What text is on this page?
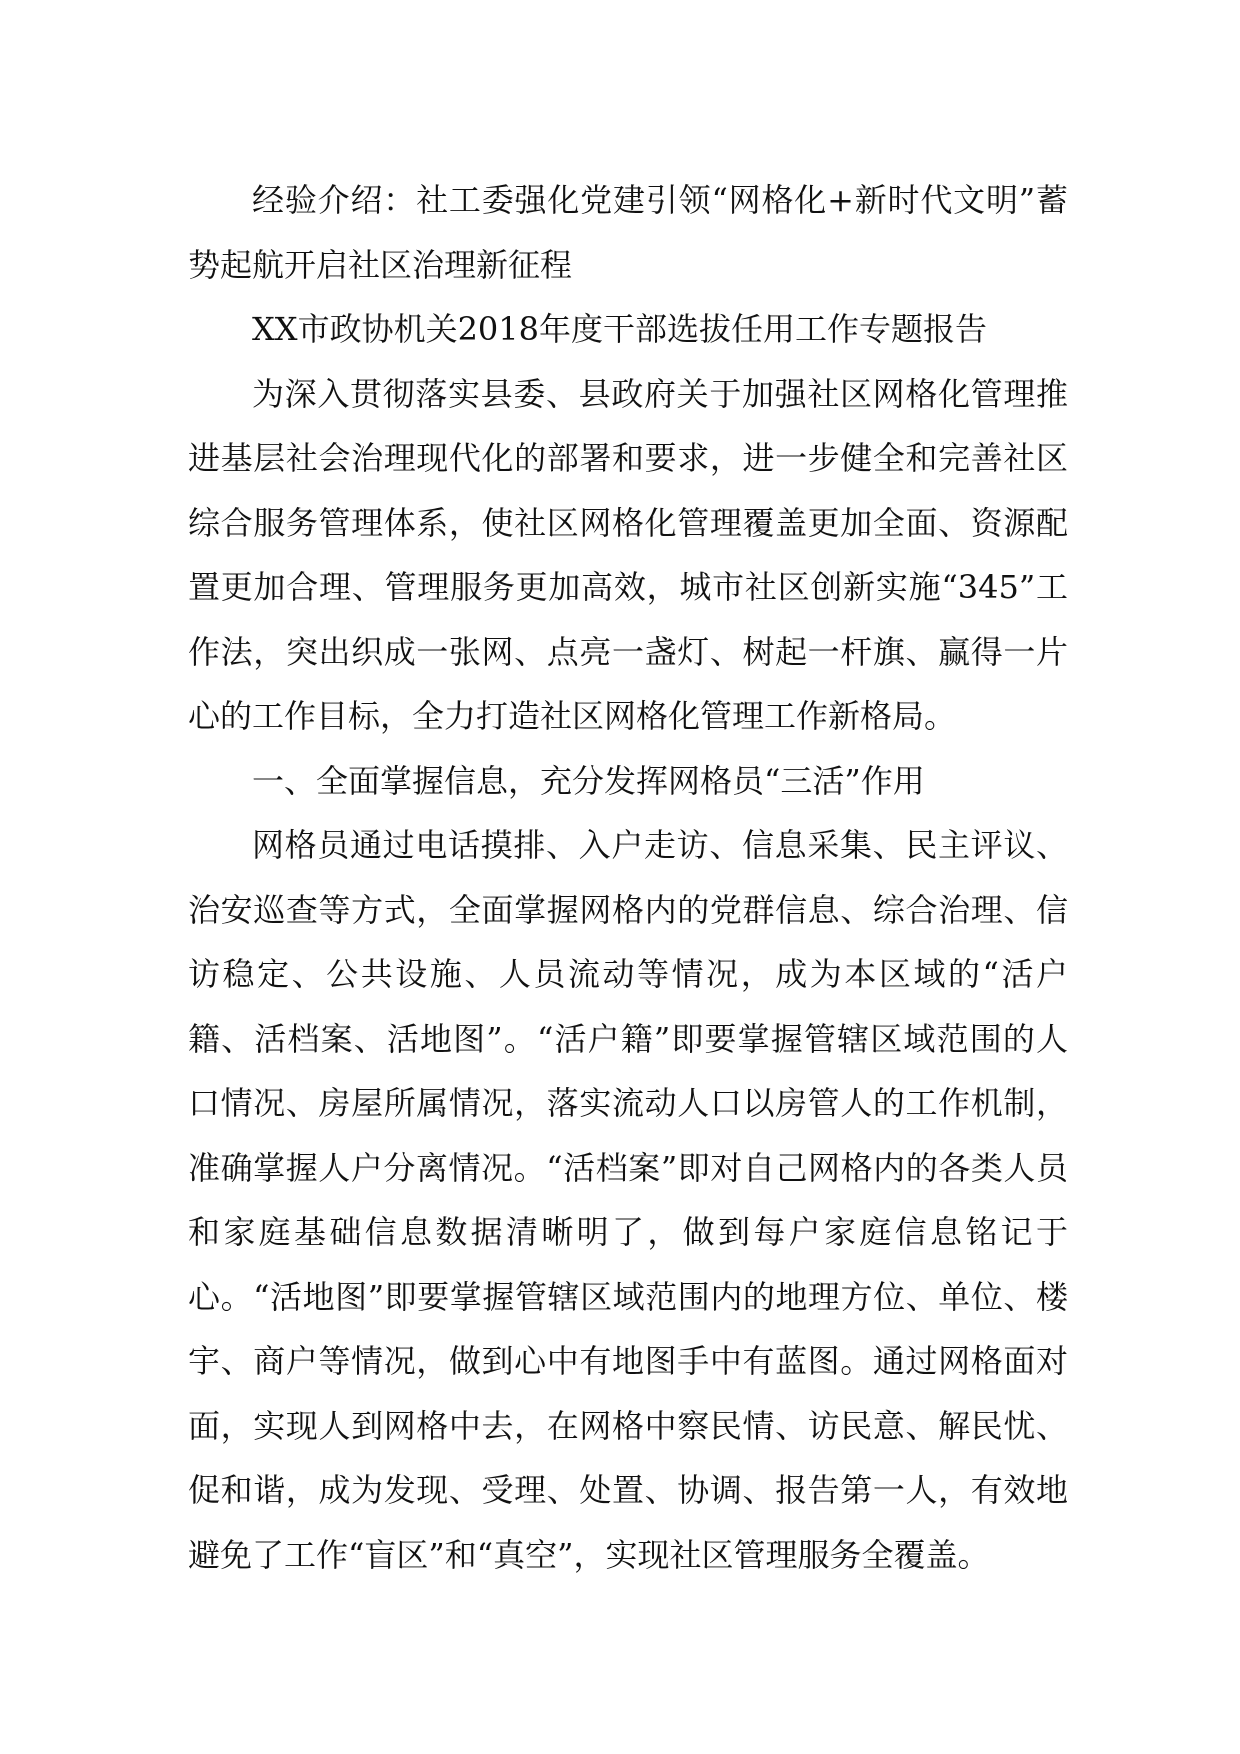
经验介绍：社工委强化党建引领“网格化+新时代文明”蓄势起航开启社区治理新征程

XX市政协机关2018年度干部选拔任用工作专题报告

为深入贯彻落实县委、县政府关于加强社区网格化管理推进基层社会治理现代化的部署和要求，进一步健全和完善社区综合服务管理体系，使社区网格化管理覆盖更加全面、资源配置更加合理、管理服务更加高效，城市社区创新实施“345”工作法，突出织成一张网、点亮一盏灯、树起一杆旗、赢得一片心的工作目标，全力打造社区网格化管理工作新格局。

一、全面掌握信息，充分发挥网格员“三活”作用

网格员通过电话摸排、入户走访、信息采集、民主评议、治安巡查等方式，全面掌握网格内的党群信息、综合治理、信访稳定、公共设施、人员流动等情况，成为本区域的“活户籍、活档案、活地图”。“活户籍”即要掌握管辖区域范围的人口情况、房屋所属情况，落实流动人口以房管人的工作机制，准确掌握人户分离情况。“活档案”即对自己网格内的各类人员和家庭基础信息数据清晰明了，做到每户家庭信息铭记于心。“活地图”即要掌握管辖区域范围内的地理方位、单位、楼宇、商户等情况，做到心中有地图手中有蓝图。通过网格面对面，实现人到网格中去，在网格中察民情、访民意、解民忧、促和谐，成为发现、受理、处置、协调、报告第一人，有效地避免了工作“盲区”和“真空”，实现社区管理服务全覆盖。
